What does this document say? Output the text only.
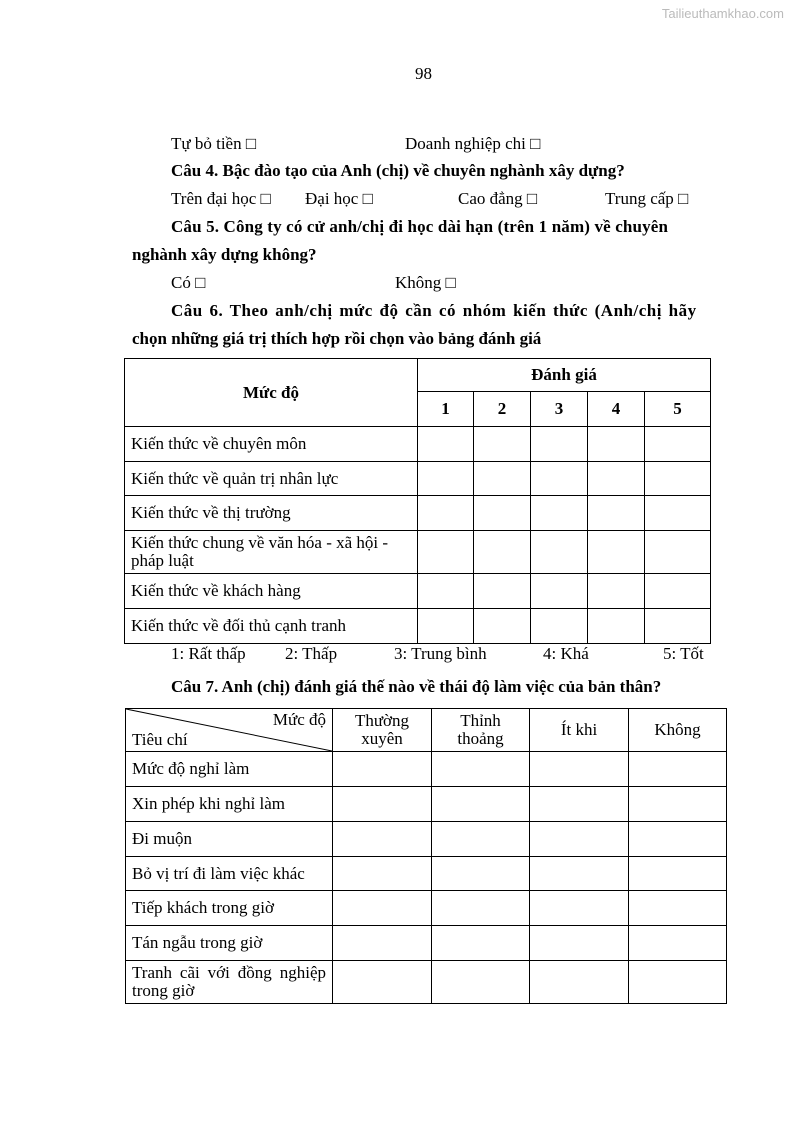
Tailieuthamkhao.com
98
Tự bỏ tiền □	Doanh nghiệp chi □
Câu 4. Bậc đào tạo của Anh (chị) về chuyên nghành xây dựng?
Trên đại học □ Đại học □	Cao đẳng □	Trung cấp □
Câu 5. Công ty có cử anh/chị đi học dài hạn (trên 1 năm) về chuyên
nghành xây dựng không?
Có □	Không □
Câu 6. Theo anh/chị mức độ cần có nhóm kiến thức (Anh/chị hãy
chọn những giá trị thích hợp rồi chọn vào bảng đánh giá
Mức độ	Đánh giá				
	1	2	3	4	5
Kiến thức về chuyên môn					
Kiến thức về quản trị nhân lực					
Kiến thức về thị trường					
Kiến thức chung về văn hóa - xã hội - pháp luật					
Kiến thức về khách hàng					
Kiến thức về đối thủ cạnh tranh					
1: Rất thấp 2: Thấp	3: Trung bình	4: Khá	5: Tốt
Câu 7. Anh (chị) đánh giá thế nào về thái độ làm việc của bản thân?
Mức độ
Tiêu chí	Thường xuyên	Thỉnh thoảng	Ít khi	Không
Mức độ nghỉ làm				
Xin phép khi nghỉ làm				
Đi muộn				
Bỏ vị trí đi làm việc khác				
Tiếp khách trong giờ				
Tán ngẫu trong giờ				
Tranh cãi với đồng nghiệp trong giờ				
